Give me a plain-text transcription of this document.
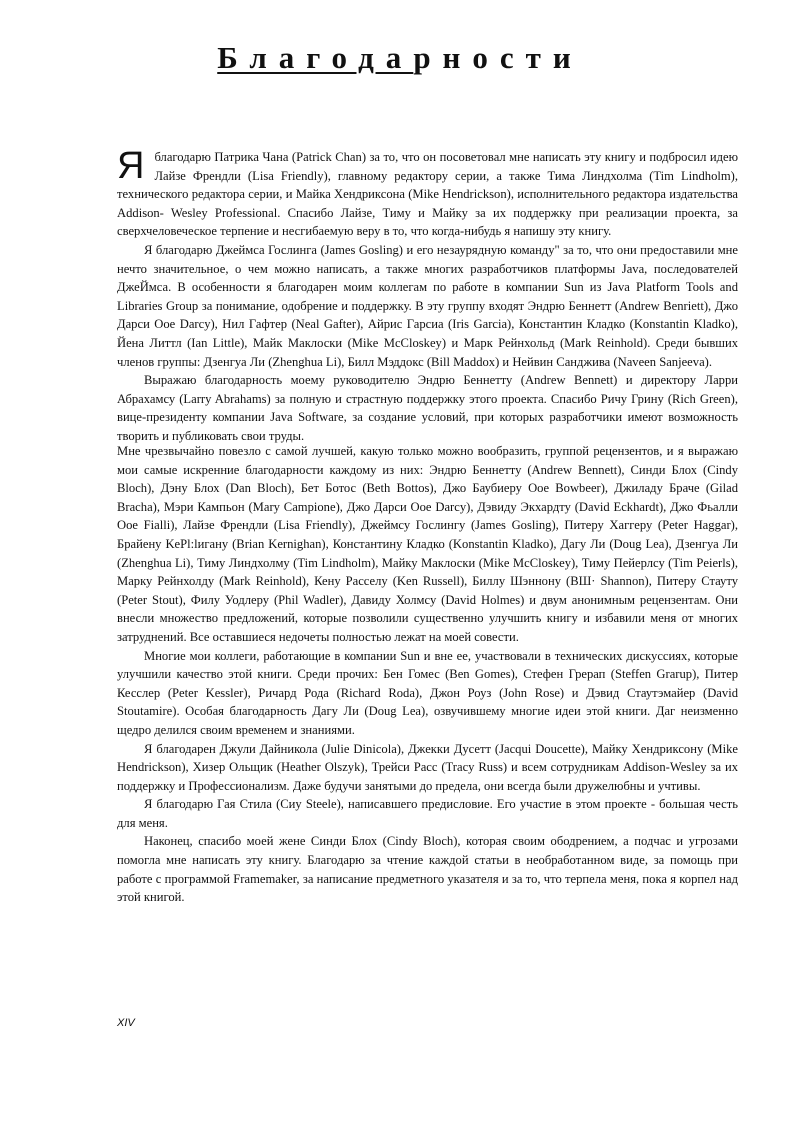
Благодарности

Я благодарю Патрика Чана (Patrick Chan) за то, что он посоветовал мне написать эту книгу и подбросил идею Лайзе Френдли (Lisa Friendly), главному редактору серии, а также Тима Линдхолма (Tim Lindholm), технического редактора серии, и Майка Хендриксона (Mike Hendrickson), исполнительного редактора издательства Addison- Wesley Professional. Спасибо Лайзе, Тиму и Майку за их поддержку при реализации проекта, за сверхчеловеческое терпение и несгибаемую веру в то, что когда-нибудь я напишу эту книгу.

Я благодарю Джеймса Гослинга (James Gosling) и его незаурядную команду" за то, что они предоставили мне нечто значительное, о чем можно написать, а также многих разработчиков платформы Java, последователей ДжеЙмса. В особенности я благодарен моим коллегам по работе в компании Sun из Java Platform Tools and Libraries Group за понимание, одобрение и поддержку. В эту группу входят Эндрю Беннетт (Andrew Benriett), Джо Дарси Ooe Darcy), Нил Гафтер (Neal Gafter), Айрис Гарсиа (Iris Garcia), Константин Кладко (Konstantin Kladko), Йена Литтл (Ian Little), Майк Маклоски (Mike McCloskey) и Марк Рейнхольд (Mark Reinhold). Среди бывших членов группы: Дзенгуа Ли (Zhenghua Li), Билл Мэддокс (Bill Maddox) и Нейвин Санджива (Naveen Sanjeeva).

Выражаю благодарность моему руководителю Эндрю Беннетту (Andrew Bennett) и директору Ларри Абрахамсу (Larry Abrahams) за полную и страстную поддержку этого проекта. Спасибо Ричу Грину (Rich Green), вице-президенту компании Java Software, за создание условий, при которых разработчики имеют возможность творить и публиковать свои труды.

Мне чрезвычайно повезло с самой лучшей, какую только можно вообразить, группой рецензентов, и я выражаю мои самые искренние благодарности каждому из них: Эндрю Беннетту (Andrew Bennett), Синди Блох (Cindy Bloch), Дэну Блох (Dan Bloch), Бет Ботос (Beth Bottos), Джо Баубиеру Ooe Bowbeer), Джиладу Браче (Gilad Bracha), Мэри Кампьон (Mary Campione), Джо Дарси Ooe Darcy), Дэвиду Экхардту (David Eckhardt), Джо Фьалли Ooe Fialli), Лайзе Френдли (Lisa Friendly), Джеймсу Гослингу (James Gosling), Питеру Хаггеру (Peter Haggar), Брайену KePl:lигану (Brian Kernighan), Константину Кладко (Konstantin Kladko), Дагу Ли (Doug Lea), Дзенгуа Ли (Zhenghua Li), Тиму Линдхолму (Tim Lindholm), Майку Маклоски (Mike McCloskey), Тиму Пейерлсу (Tim Peierls), Марку Рейнхолду (Mark Reinhold), Кену Расселу (Ken Russell), Биллу Шэннону (ВШ· Shannon), Питеру Стауту (Peter Stout), Филу Уодлеру (Phil Wadler), Давиду Холмсу (David Holmes) и двум анонимным рецензентам. Они внесли множество предложений, которые позволили существенно улучшить книгу и избавили меня от многих затруднений. Все оставшиеся недочеты полностью лежат на моей совести.

Многие мои коллеги, работающие в компании Sun и вне ее, участвовали в технических дискуссиях, которые улучшили качество этой книги. Среди прочих: Бен Гомес (Ben Gomes), Стефен Грерап (Steffen Grarup), Питер Кесслер (Peter Kessler), Ричард Рода (Richard Roda), Джон Роуз (John Rose) и Дэвид Стаутэмайер (David Stoutamire). Особая благодарность Дагу Ли (Doug Lea), озвучившему многие идеи этой книги. Даг неизменно щедро делился своим временем и знаниями.

Я благодарен Джули Дайникола (Julie Dinicola), Джекки Дусетт (Jacqui Doucette), Майку Хендриксону (Mike Hendrickson), Хизер Ольщик (Heather Olszyk), Трейси Расс (Tracy Russ) и всем сотрудникам Addison-Wesley за их поддержку и Профессионализм. Даже будучи занятыми до предела, они всегда были дружелюбны и учтивы.

Я благодарю Гая Стила (Сиу Steele), написавшего предисловие. Его участие в этом проекте - большая честь для меня.

Наконец, спасибо моей жене Синди Блох (Cindy Bloch), которая своим ободрением, а подчас и угрозами помогла мне написать эту книгу. Благодарю за чтение каждой статьи в необработанном виде, за помощь при работе с программой Framemaker, за написание предметного указателя и за то, что терпела меня, пока я корпел над этой книгой.

XIV
